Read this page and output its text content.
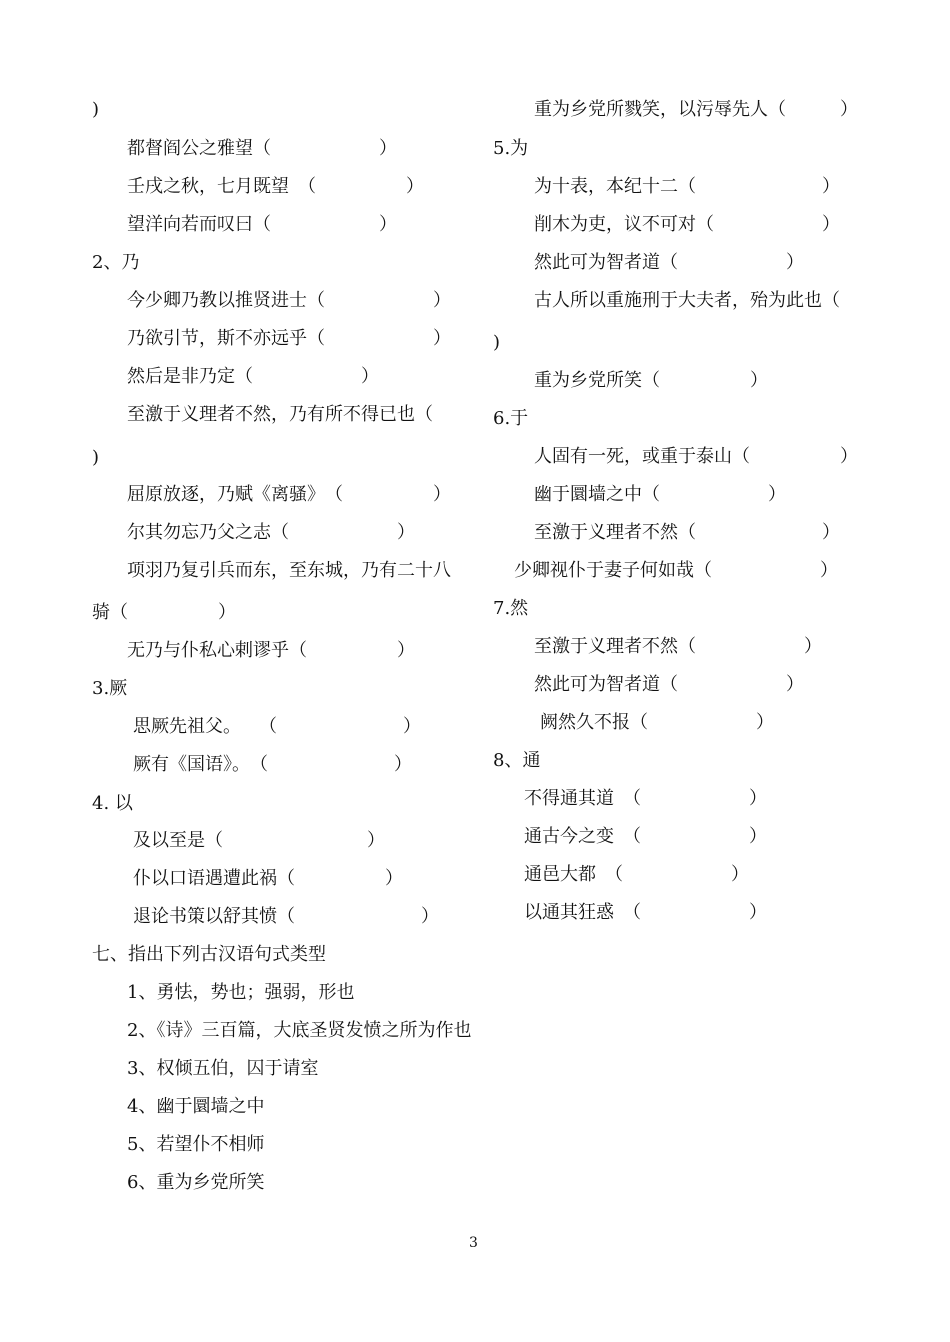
)
都督阎公之雅望（　　　　　　）
壬戌之秋，七月既望　（　　　　　）
望洋向若而叹曰（　　　　　　）
2、乃
今少卿乃教以推贤进士（　　　　　　）
乃欲引节，斯不亦远乎（　　　　　　）
然后是非乃定（　　　　　　）
至激于义理者不然，乃有所不得已也（
)
屈原放逐，乃赋《离骚》　（　　　　　）
尔其勿忘乃父之志（　　　　　　）
项羽乃复引兵而东，至东城，乃有二十八
骑（　　　　　）
无乃与仆私心剌谬乎（　　　　　）
3.厥
思厥先祖父。　　（　　　　　　　）
厥有《国语》。　（　　　　　　　）
4. 以
及以至是（　　　　　　　　）
仆以口语遇遭此祸（　　　　　）
退论书策以舒其愤（　　　　　　　）
七、指出下列古汉语句式类型
1、勇怯，势也；强弱，形也
2、《诗》三百篇，大底圣贤发愤之所为作也
3、权倾五伯，囚于请室
4、幽于圜墙之中
5、若望仆不相师
6、重为乡党所笑
重为乡党所戮笑，以污辱先人（　　　）
5.为
为十表，本纪十二（　　　　　　　）
削木为吏，议不可对（　　　　　　）
然此可为智者道（　　　　　　）
古人所以重施刑于大夫者，殆为此也（
)
重为乡党所笑（　　　　　）
6.于
人固有一死，或重于泰山（　　　　　）
幽于圜墙之中（　　　　　　）
至激于义理者不然（　　　　　　　）
少卿视仆于妻子何如哉（　　　　　　）
7.然
至激于义理者不然（　　　　　　）
然此可为智者道（　　　　　　）
阙然久不报（　　　　　　）
8、通
不得通其道　（　　　　　　）
通古今之变　（　　　　　　）
通邑大都　（　　　　　　）
以通其狂惑　（　　　　　　）
3
